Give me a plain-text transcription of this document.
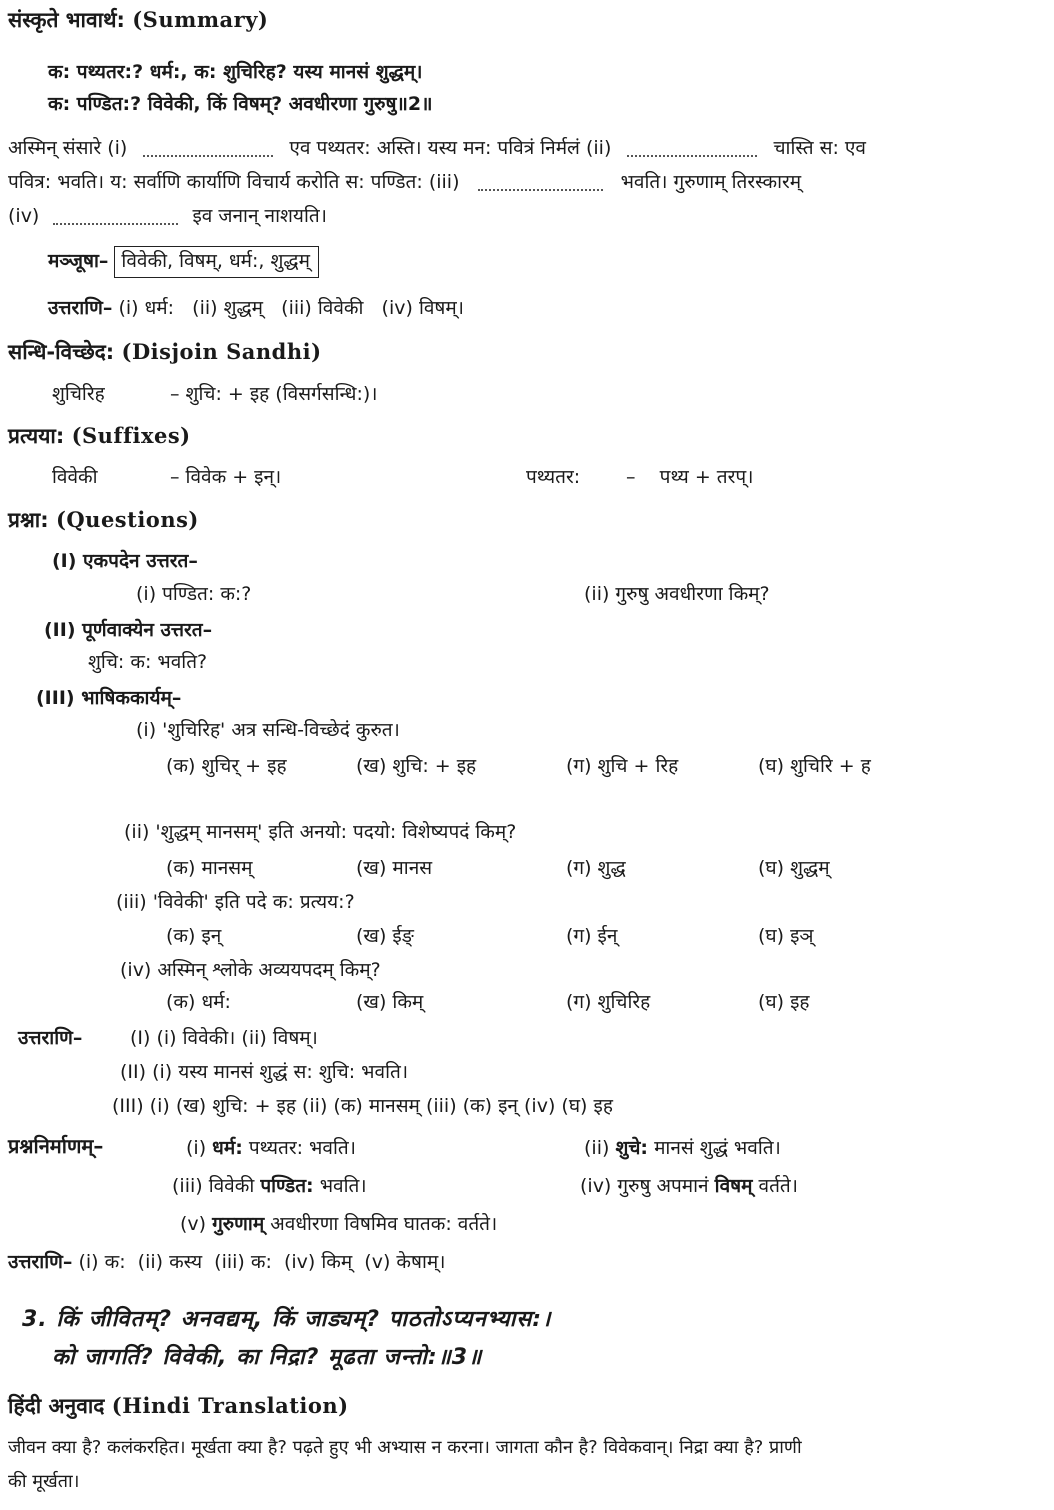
संस्कृते भावार्थ: (Summary)
क: पथ्यतर:? धर्म:, क: शुचिरिह? यस्य मानसं शुद्धम्।
क: पण्डित:? विवेकी, किं विषम्? अवधीरणा गुरुषु॥2॥
अस्मिन् संसारे (i)	एव पथ्यतर: अस्ति। यस्य मन: पवित्रं निर्मलं (ii)	चास्ति स: एव
पवित्र: भवति। य: सर्वाणि कार्याणि विचार्य करोति स: पण्डित: (iii)	भवति। गुरुणाम् तिरस्कारम्
(iv)	इव जनान् नाशयति।
मञ्जूषा– विवेकी, विषम्, धर्म:, शुद्धम्
उत्तराणि– (i) धर्म:   (ii) शुद्धम्   (iii) विवेकी   (iv) विषम्।
सन्धि-विच्छेद: (Disjoin Sandhi)
शुचिरिह	– शुचि: + इह (विसर्गसन्धि:)।
प्रत्यया: (Suffixes)
विवेकी	– विवेक + इन्।	पथ्यतर: –    पथ्य + तरप्।
प्रश्ना: (Questions)
(I) एकपदेन उत्तरत–
(i) पण्डित: क:?	(ii) गुरुषु अवधीरणा किम्?
(II) पूर्णवाक्येन उत्तरत–
शुचि: क: भवति?
(III) भाषिककार्यम्–
(i) 'शुचिरिह' अत्र सन्धि-विच्छेदं कुरुत।
(क) शुचिर् + इह	(ख) शुचि: + इह	(ग) शुचि + रिह	(घ) शुचिरि + ह
(ii) 'शुद्धम् मानसम्' इति अनयो: पदयो: विशेष्यपदं किम्?
(क) मानसम्	(ख) मानस	(ग) शुद्ध	(घ) शुद्धम्
(iii) 'विवेकी' इति पदे क: प्रत्यय:?
(क) इन्	(ख) ईङ्	(ग) ईन्	(घ) इञ्
(iv) अस्मिन् श्लोके अव्ययपदम् किम्?
(क) धर्म:	(ख) किम्	(ग) शुचिरिह	(घ) इह
उत्तराणि–	(I) (i) विवेकी। (ii) विषम्।
(II) (i) यस्य मानसं शुद्धं स: शुचि: भवति।
(III) (i) (ख) शुचि: + इह (ii) (क) मानसम् (iii) (क) इन् (iv) (घ) इह
प्रश्ननिर्माणम्–	(i) धर्म: पथ्यतर: भवति।	(ii) शुचे: मानसं शुद्धं भवति।
(iii) विवेकी पण्डित: भवति।	(iv) गुरुषु अपमानं विषम् वर्तते।
(v) गुरुणाम् अवधीरणा विषमिव घातक: वर्तते।
उत्तराणि– (i) क:  (ii) कस्य  (iii) क:  (iv) किम्  (v) केषाम्।
3. किं जीवितम्? अनवद्यम्, किं जाड्यम्? पाठतोऽप्यनभ्यास:।
को जागर्ति? विवेकी, का निद्रा? मूढता जन्तो:॥3॥
हिंदी अनुवाद (Hindi Translation)
जीवन क्या है? कलंकरहित। मूर्खता क्या है? पढ़ते हुए भी अभ्यास न करना। जागता कौन है? विवेकवान्। निद्रा क्या है? प्राणी
की मूर्खता।
